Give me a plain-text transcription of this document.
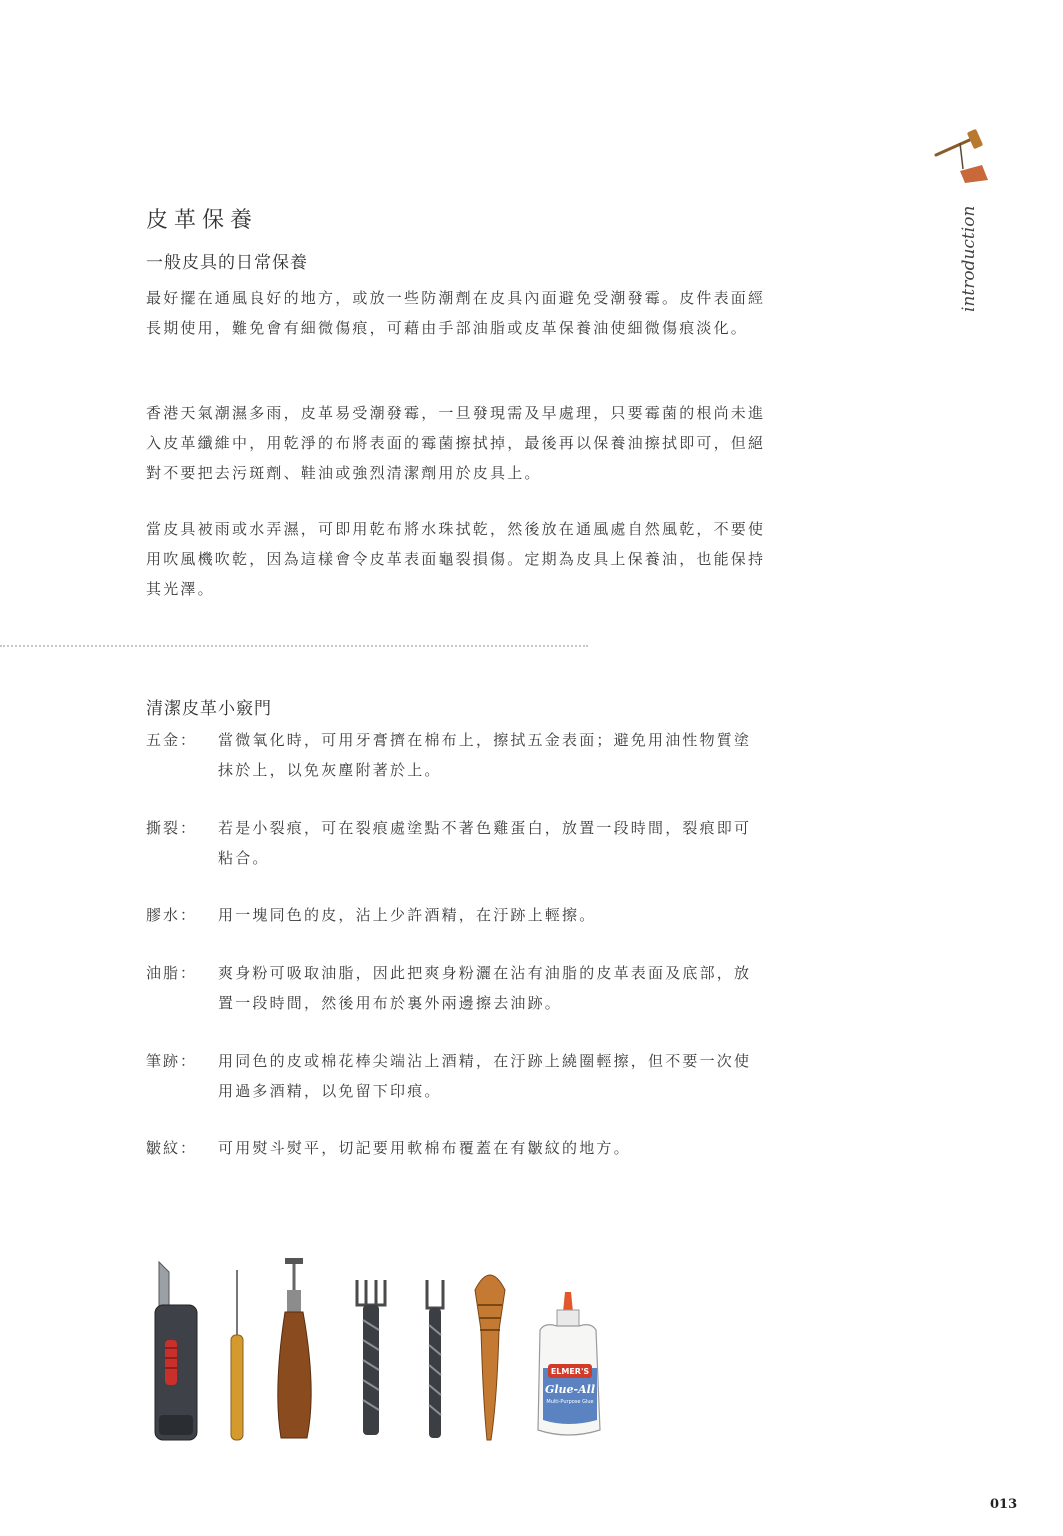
introduction
皮革保養
一般皮具的日常保養

最好擺在通風良好的地方，或放一些防潮劑在皮具內面避免受潮發霉。皮件表面經長期使用，難免會有細微傷痕，可藉由手部油脂或皮革保養油使細微傷痕淡化。

香港天氣潮濕多雨，皮革易受潮發霉，一旦發現需及早處理，只要霉菌的根尚未進入皮革纖維中，用乾淨的布將表面的霉菌擦拭掉，最後再以保養油擦拭即可，但絕對不要把去污斑劑、鞋油或強烈清潔劑用於皮具上。

當皮具被雨或水弄濕，可即用乾布將水珠拭乾，然後放在通風處自然風乾，不要使用吹風機吹乾，因為這樣會令皮革表面龜裂損傷。定期為皮具上保養油，也能保持其光澤。

清潔皮革小竅門
五金： 當微氧化時，可用牙膏擠在棉布上，擦拭五金表面；避免用油性物質塗抹於上，以免灰塵附著於上。

撕裂： 若是小裂痕，可在裂痕處塗點不著色雞蛋白，放置一段時間，裂痕即可粘合。

膠水： 用一塊同色的皮，沾上少許酒精，在汙跡上輕擦。

油脂： 爽身粉可吸取油脂，因此把爽身粉灑在沾有油脂的皮革表面及底部，放置一段時間，然後用布於裏外兩邊擦去油跡。

筆跡： 用同色的皮或棉花棒尖端沾上酒精，在汙跡上繞圈輕擦，但不要一次使用過多酒精，以免留下印痕。

皺紋： 可用熨斗熨平，切記要用軟棉布覆蓋在有皺紋的地方。

ELMER'S
Glue-All
Multi-Purpose Glue
013
